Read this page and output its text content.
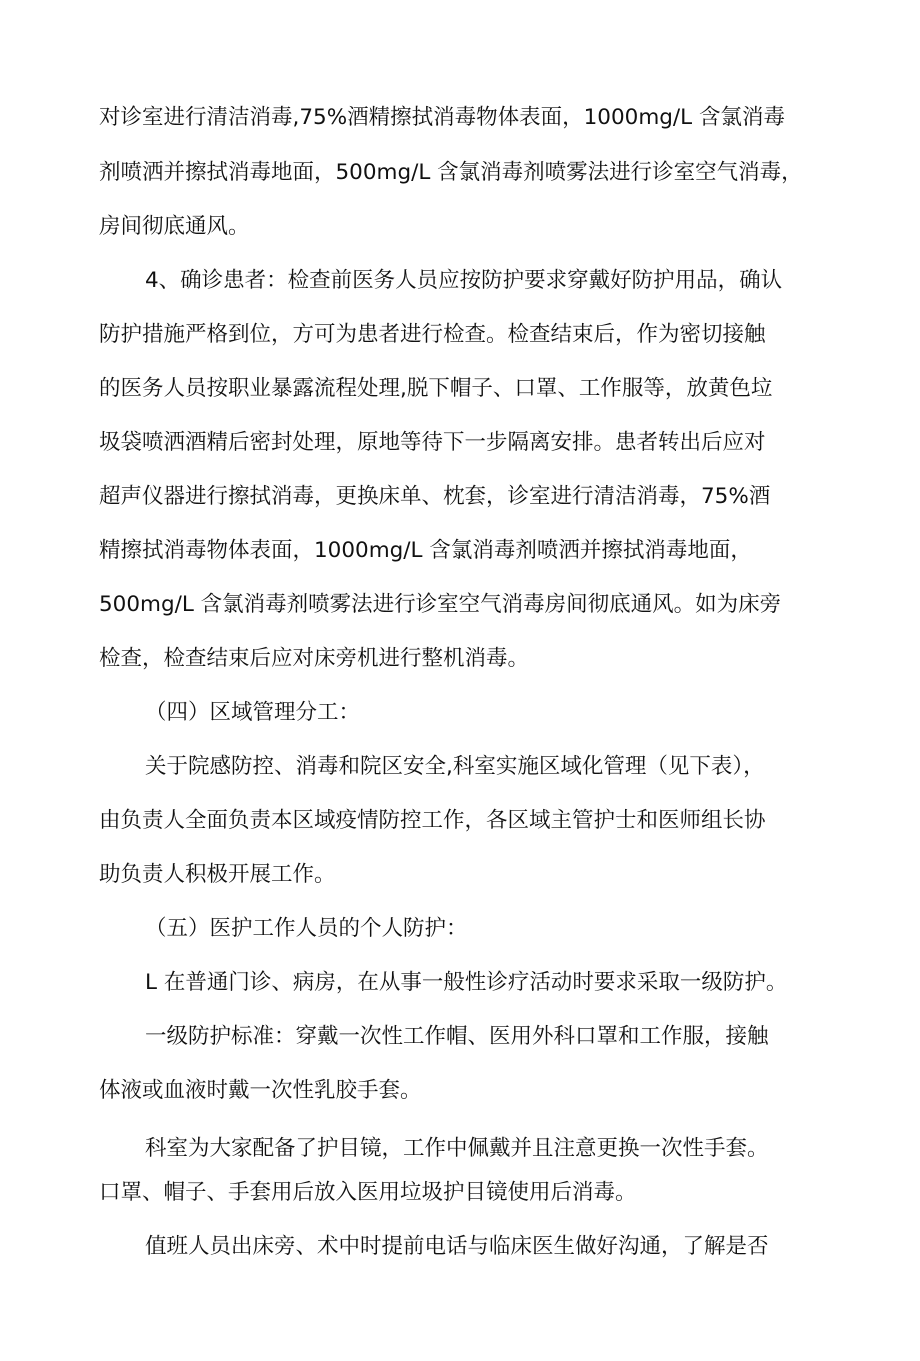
对诊室进行清洁消毒,75%酒精擦拭消毒物体表面，1000mg/L 含氯消毒
剂喷洒并擦拭消毒地面，500mg/L 含氯消毒剂喷雾法进行诊室空气消毒，
房间彻底通风。
4、确诊患者：检查前医务人员应按防护要求穿戴好防护用品，确认
防护措施严格到位，方可为患者进行检查。检查结束后，作为密切接触
的医务人员按职业暴露流程处理,脱下帽子、口罩、工作服等，放黄色垃
圾袋喷洒酒精后密封处理，原地等待下一步隔离安排。患者转出后应对
超声仪器进行擦拭消毒，更换床单、枕套，诊室进行清洁消毒，75%酒
精擦拭消毒物体表面，1000mg/L 含氯消毒剂喷洒并擦拭消毒地面，
500mg/L 含氯消毒剂喷雾法进行诊室空气消毒房间彻底通风。如为床旁
检查，检查结束后应对床旁机进行整机消毒。
（四）区域管理分工：
关于院感防控、消毒和院区安全,科室实施区域化管理（见下表），
由负责人全面负责本区域疫情防控工作，各区域主管护士和医师组长协
助负责人积极开展工作。
（五）医护工作人员的个人防护：
L 在普通门诊、病房，在从事一般性诊疗活动时要求采取一级防护。
一级防护标准：穿戴一次性工作帽、医用外科口罩和工作服，接触
体液或血液时戴一次性乳胶手套。
科室为大家配备了护目镜，工作中佩戴并且注意更换一次性手套。
口罩、帽子、手套用后放入医用垃圾护目镜使用后消毒。
值班人员出床旁、术中时提前电话与临床医生做好沟通，了解是否
